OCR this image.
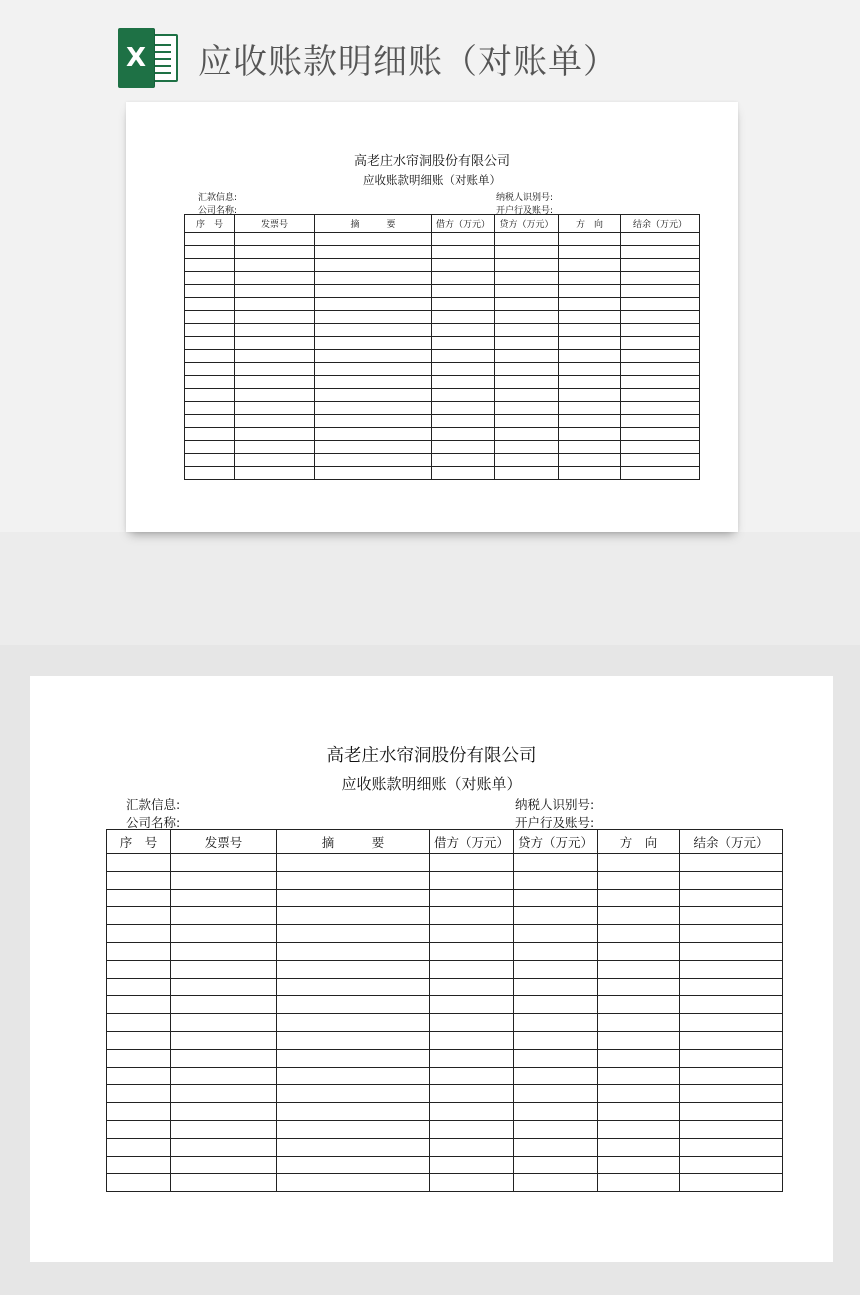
X 应收账款明细账（对账单）
高老庄水帘洞股份有限公司
应收账款明细账（对账单）
汇款信息:
公司名称:
纳税人识别号:
开户行及账号:
序　号	发票号	摘　　　要	借方（万元）	贷方（万元）	方　向	结余（万元）

高老庄水帘洞股份有限公司
应收账款明细账（对账单）
汇款信息:
公司名称:
纳税人识别号:
开户行及账号:
序　号	发票号	摘　　　要	借方（万元）	贷方（万元）	方　向	结余（万元）
